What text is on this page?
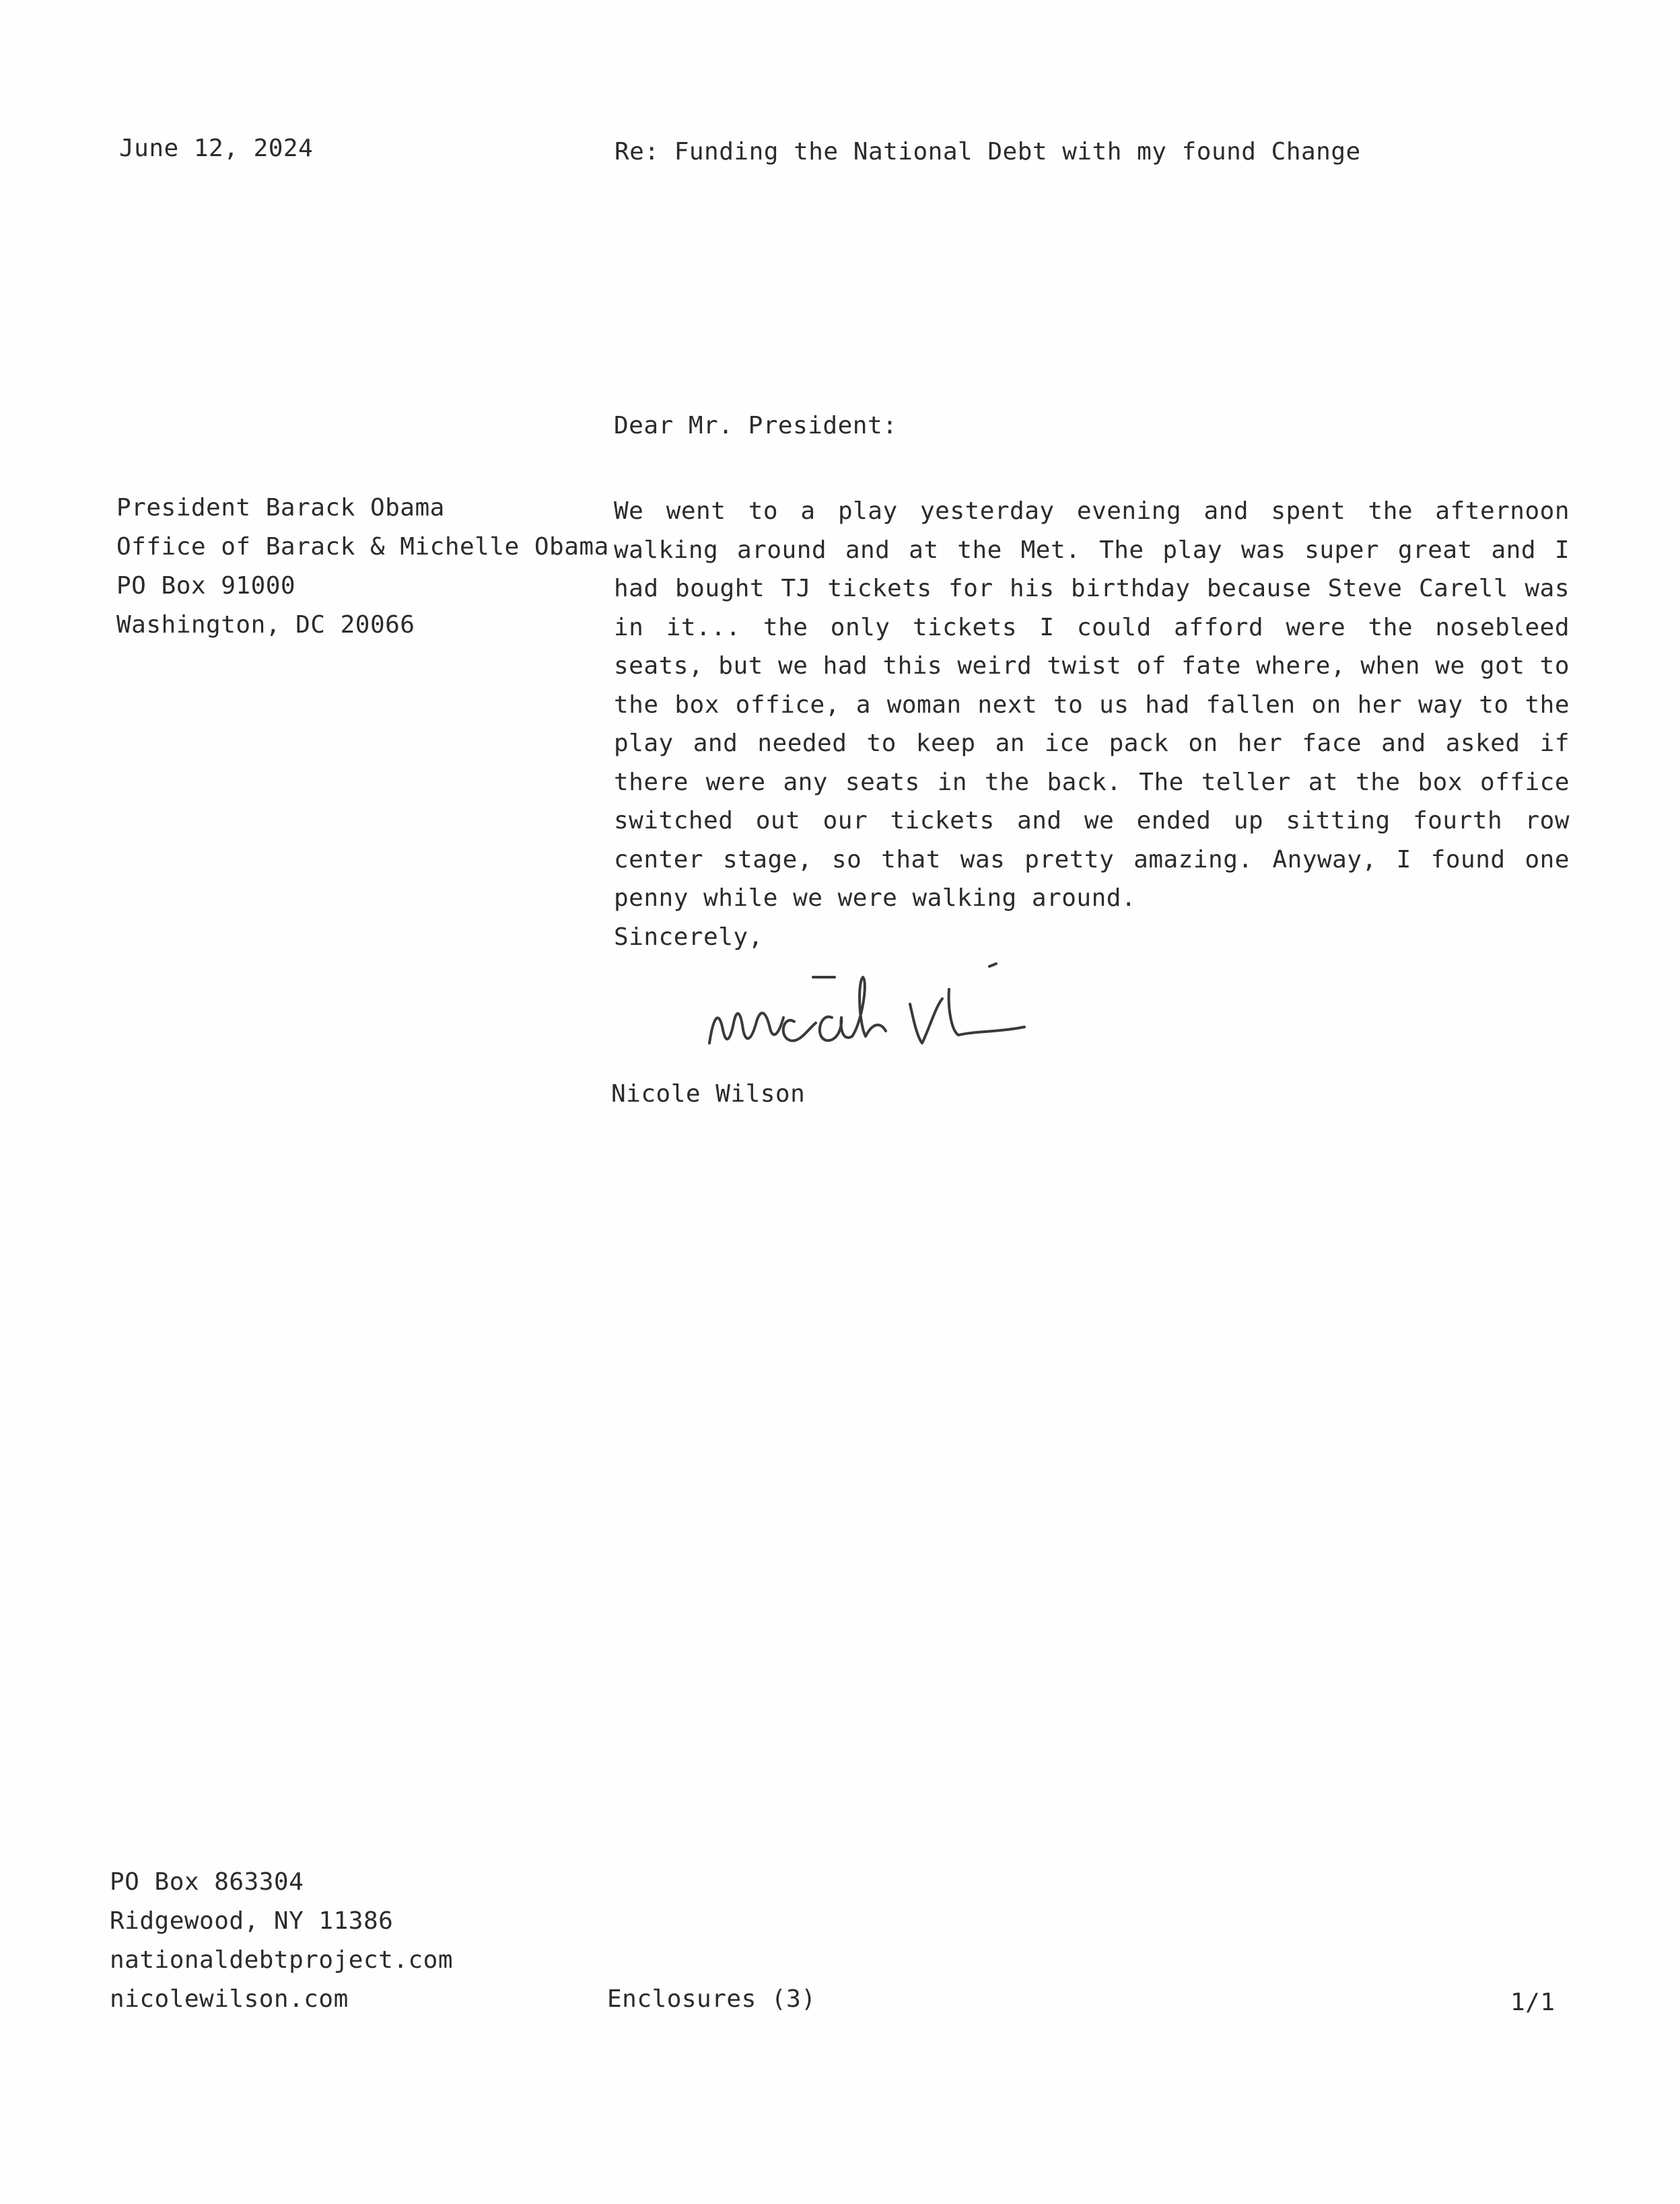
June 12, 2024	Re: Funding the National Debt with my found Change
Dear Mr. President:
President Barack Obama
Office of Barack & Michelle Obama
PO Box 91000
Washington, DC 20066
We went to a play yesterday evening and spent the afternoon walking around and at the Met. The play was super great and I had bought TJ tickets for his birthday because Steve Carell was in it... the only tickets I could afford were the nosebleed seats, but we had this weird twist of fate where, when we got to the box office, a woman next to us had fallen on her way to the play and needed to keep an ice pack on her face and asked if there were any seats in the back. The teller at the box office switched out our tickets and we ended up sitting fourth row center stage, so that was pretty amazing. Anyway, I found one penny while we were walking around.
Sincerely,
Nicole Wilson
PO Box 863304
Ridgewood, NY 11386
nationaldebtproject.com
nicolewilson.com	Enclosures (3)	1/1
